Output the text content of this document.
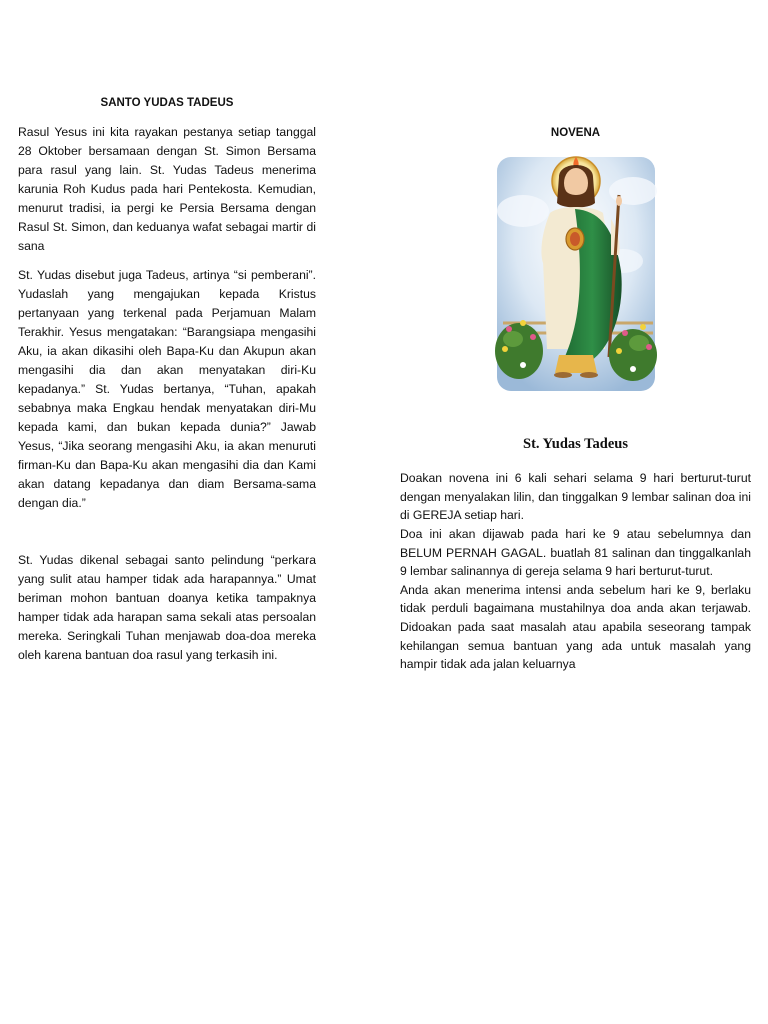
SANTO YUDAS TADEUS

Rasul Yesus ini kita rayakan pestanya setiap tanggal 28 Oktober bersamaan dengan St. Simon Bersama para rasul yang lain. St. Yudas Tadeus menerima karunia Roh Kudus pada hari Pentekosta. Kemudian, menurut tradisi, ia pergi ke Persia Bersama dengan Rasul St. Simon, dan keduanya wafat sebagai martir di sana

St. Yudas disebut juga Tadeus, artinya “si pemberani”. Yudaslah yang mengajukan kepada Kristus pertanyaan yang terkenal pada Perjamuan Malam Terakhir. Yesus mengatakan: “Barangsiapa mengasihi Aku, ia akan dikasihi oleh Bapa-Ku dan Akupun akan mengasihi dia dan akan menyatakan diri-Ku kepadanya.” St. Yudas bertanya, “Tuhan, apakah sebabnya maka Engkau hendak menyatakan diri-Mu kepada kami, dan bukan kepada dunia?” Jawab Yesus, “Jika seorang mengasihi Aku, ia akan menuruti firman-Ku dan Bapa-Ku akan mengasihi dia dan Kami akan datang kepadanya dan diam Bersama-sama dengan dia.”

St. Yudas dikenal sebagai santo pelindung “perkara yang sulit atau hamper tidak ada harapannya.” Umat beriman mohon bantuan doanya ketika tampaknya hamper tidak ada harapan sama sekali atas persoalan mereka. Seringkali Tuhan menjawab doa-doa mereka oleh karena bantuan doa rasul yang terkasih ini.

NOVENA
St. Yudas Tadeus

Doakan novena ini 6 kali sehari selama 9 hari berturut-turut dengan menyalakan lilin, dan tinggalkan 9 lembar salinan doa ini di GEREJA setiap hari.

Doa ini akan dijawab pada hari ke 9 atau sebelumnya dan BELUM PERNAH GAGAL. buatlah 81 salinan dan tinggalkanlah 9 lembar salinannya di gereja selama 9 hari berturut-turut.

Anda akan menerima intensi anda sebelum hari ke 9, berlaku tidak perduli bagaimana mustahilnya doa anda akan terjawab. Didoakan pada saat masalah atau apabila seseorang tampak kehilangan semua bantuan yang ada untuk masalah yang hampir tidak ada jalan keluarnya
